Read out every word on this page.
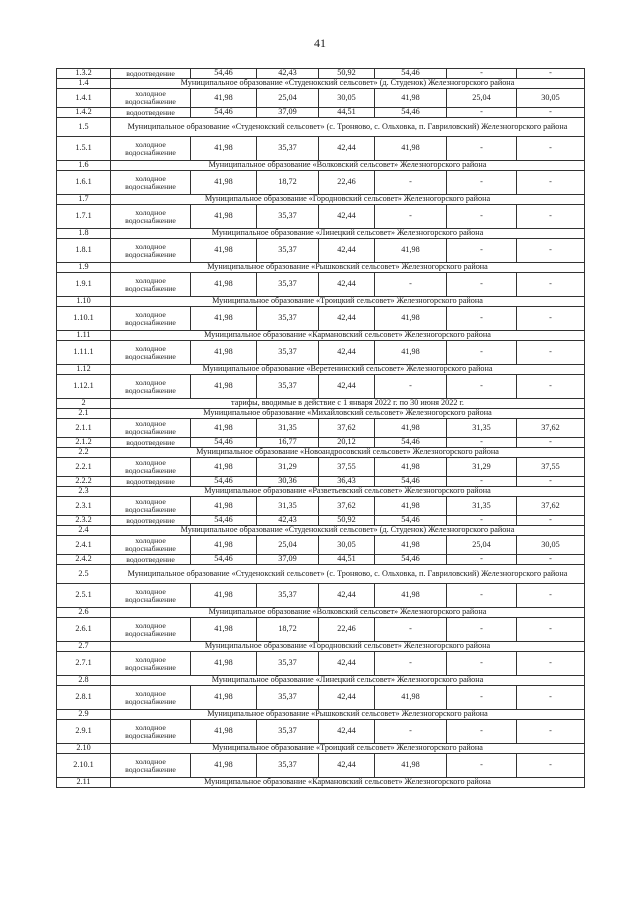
41
1.3.2	водоотведение	54,46	42,43	50,92	54,46	-	-
1.4	Муниципальное образование «Студенокский сельсовет» (д. Студенок) Железногорского района						
1.4.1	холодное водоснабжение	41,98	25,04	30,05	41,98	25,04	30,05
1.4.2	водоотведение	54,46	37,09	44,51	54,46	-	-
1.5	Муниципальное образование «Студенокский сельсовет» (с. Троняово, с. Ольховка, п. Гавриловский) Железногорского района						
1.5.1	холодное водоснабжение	41,98	35,37	42,44	41,98	-	-
1.6	Муниципальное образование «Волковский сельсовет» Железногорского района						
1.6.1	холодное водоснабжение	41,98	18,72	22,46	-	-	-
1.7	Муниципальное образование «Городновский сельсовет» Железногорского района						
1.7.1	холодное водоснабжение	41,98	35,37	42,44	-	-	-
1.8	Муниципальное образование «Линецкий сельсовет» Железногорского района						
1.8.1	холодное водоснабжение	41,98	35,37	42,44	41,98	-	-
1.9	Муниципальное образование «Рышковский сельсовет» Железногорского района						
1.9.1	холодное водоснабжение	41,98	35,37	42,44	-	-	-
1.10	Муниципальное образование «Троицкий сельсовет» Железногорского района						
1.10.1	холодное водоснабжение	41,98	35,37	42,44	41,98	-	-
1.11	Муниципальное образование «Кармановский сельсовет» Железногорского района						
1.11.1	холодное водоснабжение	41,98	35,37	42,44	41,98	-	-
1.12	Муниципальное образование «Веретенинский сельсовет» Железногорского района						
1.12.1	холодное водоснабжение	41,98	35,37	42,44	-	-	-
2	тарифы, вводимые в действие с 1 января 2022 г. по 30 июня 2022 г.						
2.1	Муниципальное образование «Михайловский сельсовет» Железногорского района						
2.1.1	холодное водоснабжение	41,98	31,35	37,62	41,98	31,35	37,62
2.1.2	водоотведение	54,46	16,77	20,12	54,46	-	-
2.2	Муниципальное образование «Новоандросовский сельсовет» Железногорского района						
2.2.1	холодное водоснабжение	41,98	31,29	37,55	41,98	31,29	37,55
2.2.2	водоотведение	54,46	30,36	36,43	54,46	-	-
2.3	Муниципальное образование «Разветьевский сельсовет» Железногорского района						
2.3.1	холодное водоснабжение	41,98	31,35	37,62	41,98	31,35	37,62
2.3.2	водоотведение	54,46	42,43	50,92	54,46	-	-
2.4	Муниципальное образование «Студенокский сельсовет» (д. Студенок) Железногорского района						
2.4.1	холодное водоснабжение	41,98	25,04	30,05	41,98	25,04	30,05
2.4.2	водоотведение	54,46	37,09	44,51	54,46	-	-
2.5	Муниципальное образование «Студенокский сельсовет» (с. Троняово, с. Ольховка, п. Гавриловский) Железногорского района						
2.5.1	холодное водоснабжение	41,98	35,37	42,44	41,98	-	-
2.6	Муниципальное образование «Волковский сельсовет» Железногорского района						
2.6.1	холодное водоснабжение	41,98	18,72	22,46	-	-	-
2.7	Муниципальное образование «Городновский сельсовет» Железногорского района						
2.7.1	холодное водоснабжение	41,98	35,37	42,44	-	-	-
2.8	Муниципальное образование «Линецкий сельсовет» Железногорского района						
2.8.1	холодное водоснабжение	41,98	35,37	42,44	41,98	-	-
2.9	Муниципальное образование «Рышковский сельсовет» Железногорского района						
2.9.1	холодное водоснабжение	41,98	35,37	42,44	-	-	-
2.10	Муниципальное образование «Троицкий сельсовет» Железногорского района						
2.10.1	холодное водоснабжение	41,98	35,37	42,44	41,98	-	-
2.11	Муниципальное образование «Кармановский сельсовет» Железногорского района						
